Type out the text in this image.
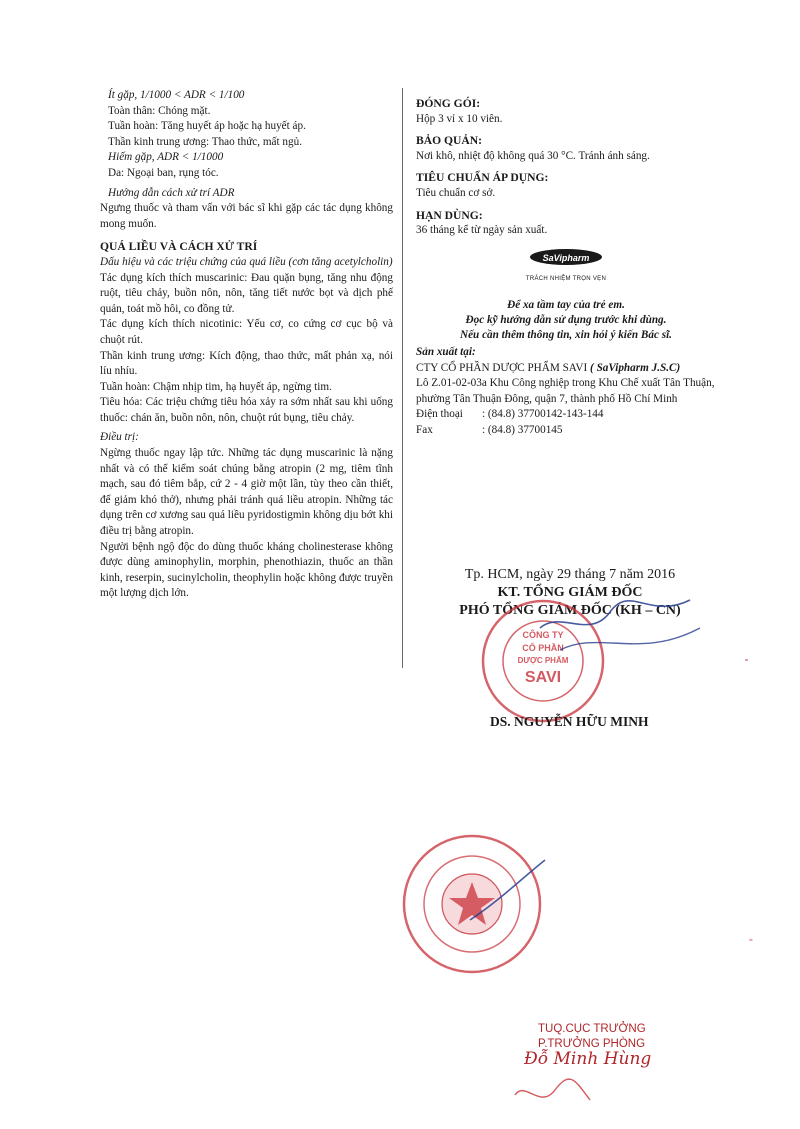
Ít gặp, 1/1000 < ADR < 1/100
Toàn thân: Chóng mặt.
Tuần hoàn: Tăng huyết áp hoặc hạ huyết áp.
Thần kinh trung ương: Thao thức, mất ngủ.
Hiếm gặp, ADR < 1/1000
Da: Ngoại ban, rụng tóc.
Hướng dẫn cách xử trí ADR
Ngưng thuốc và tham vấn với bác sĩ khi gặp các tác dụng không mong muốn.
QUÁ LIỀU VÀ CÁCH XỬ TRÍ
Dấu hiệu và các triệu chứng của quá liều (cơn tăng acetylcholin)
Tác dụng kích thích muscarinic: Đau quặn bụng, tăng nhu động ruột, tiêu chảy, buồn nôn, nôn, tăng tiết nước bọt và dịch phế quản, toát mồ hôi, co đồng tử.
Tác dụng kích thích nicotinic: Yếu cơ, co cứng cơ cục bộ và chuột rút.
Thần kinh trung ương: Kích động, thao thức, mất phản xạ, nói líu nhíu.
Tuần hoàn: Chậm nhịp tim, hạ huyết áp, ngừng tim.
Tiêu hóa: Các triệu chứng tiêu hóa xảy ra sớm nhất sau khi uống thuốc: chán ăn, buồn nôn, nôn, chuột rút bụng, tiêu chảy.
Điều trị:
Ngừng thuốc ngay lập tức. Những tác dụng muscarinic là nặng nhất và có thể kiểm soát chúng bằng atropin (2 mg, tiêm tĩnh mạch, sau đó tiêm bắp, cứ 2 - 4 giờ một lần, tùy theo cần thiết, để giảm khó thở), nhưng phải tránh quá liều atropin. Những tác dụng trên cơ xương sau quá liều pyridostigmin không dịu bớt khi điều trị bằng atropin.
Người bệnh ngộ độc do dùng thuốc kháng cholinesterase không được dùng aminophylin, morphin, phenothiazin, thuốc an thần kinh, reserpin, sucinylcholin, theophylin hoặc không được truyền một lượng dịch lớn.
ĐÓNG GÓI:
Hộp 3 vỉ x 10 viên.
BẢO QUẢN:
Nơi khô, nhiệt độ không quá 30 °C. Tránh ánh sáng.
TIÊU CHUẨN ÁP DỤNG:
Tiêu chuẩn cơ sở.
HẠN DÙNG:
36 tháng kể từ ngày sản xuất.
SaVipharm
TRÁCH NHIỆM TRỌN VẸN
Để xa tầm tay của trẻ em.
Đọc kỹ hướng dẫn sử dụng trước khi dùng.
Nếu cần thêm thông tin, xin hỏi ý kiến Bác sĩ.
Sản xuất tại:
CTY CỔ PHẦN DƯỢC PHẨM SAVI ( SaVipharm J.S.C)
Lô Z.01-02-03a Khu Công nghiệp trong Khu Chế xuất Tân Thuận, phường Tân Thuận Đông, quận 7, thành phố Hồ Chí Minh
Điện thoại	: (84.8) 37700142-143-144
Fax	: (84.8) 37700145
Tp. HCM, ngày 29 tháng 7 năm 2016
KT. TỔNG GIÁM ĐỐC
PHÓ TỔNG GIÁM ĐỐC (KH – CN)
CÔNG TY
CỔ PHẦN
DƯỢC PHẨM
SAVI
DS. NGUYỄN HỮU MINH
TUQ.CỤC TRƯỞNG
P.TRƯỞNG PHÒNG
Đỗ Minh Hùng
